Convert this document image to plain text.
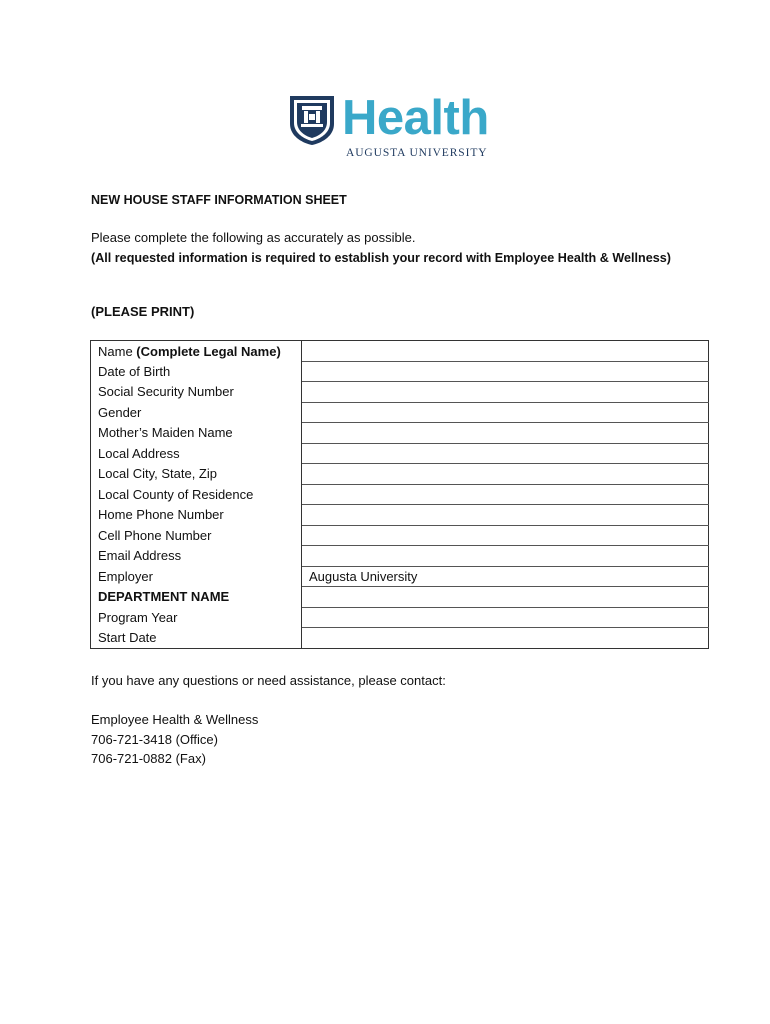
Health
AUGUSTA UNIVERSITY
NEW HOUSE STAFF INFORMATION SHEET
Please complete the following as accurately as possible.
(All requested information is required to establish your record with Employee Health & Wellness)
(PLEASE PRINT)
Name (Complete Legal Name)	
Date of Birth	
Social Security Number	
Gender	
Mother’s Maiden Name	
Local Address	
Local City, State, Zip	
Local County of Residence	
Home Phone Number	
Cell Phone Number	
Email Address	
Employer	Augusta University
DEPARTMENT NAME	
Program Year	
Start Date	
If you have any questions or need assistance, please contact:
Employee Health & Wellness
706-721-3418 (Office)
706-721-0882 (Fax)
